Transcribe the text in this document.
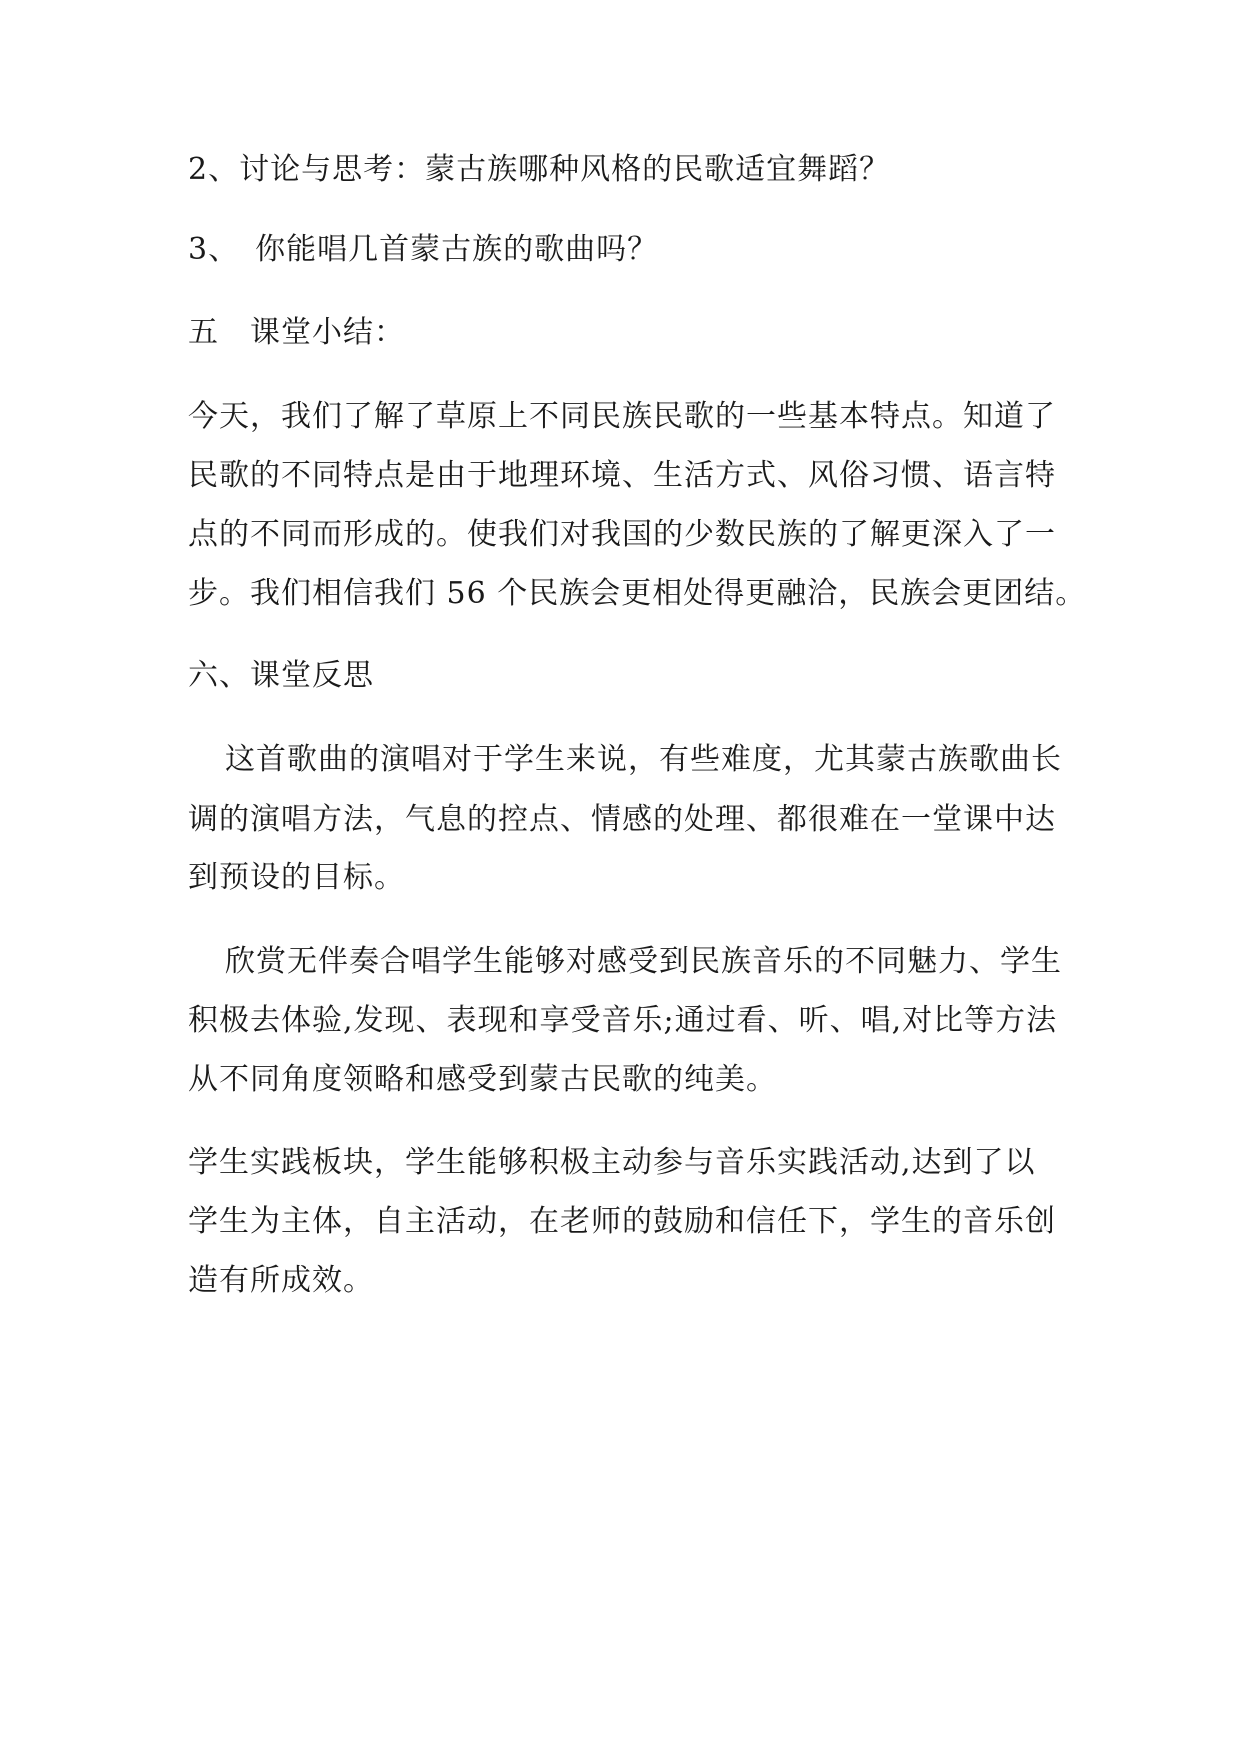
2、讨论与思考：蒙古族哪种风格的民歌适宜舞蹈？
3、　你能唱几首蒙古族的歌曲吗？
五　课堂小结：
今天，我们了解了草原上不同民族民歌的一些基本特点。知道了
民歌的不同特点是由于地理环境、生活方式、风俗习惯、语言特
点的不同而形成的。使我们对我国的少数民族的了解更深入了一
步。我们相信我们 56 个民族会更相处得更融洽，民族会更团结。
六、课堂反思
这首歌曲的演唱对于学生来说，有些难度，尤其蒙古族歌曲长
调的演唱方法，气息的控点、情感的处理、都很难在一堂课中达
到预设的目标。
欣赏无伴奏合唱学生能够对感受到民族音乐的不同魅力、学生
积极去体验,发现、表现和享受音乐;通过看、听、唱,对比等方法
从不同角度领略和感受到蒙古民歌的纯美。
学生实践板块，学生能够积极主动参与音乐实践活动,达到了以
学生为主体，自主活动，在老师的鼓励和信任下，学生的音乐创
造有所成效。
